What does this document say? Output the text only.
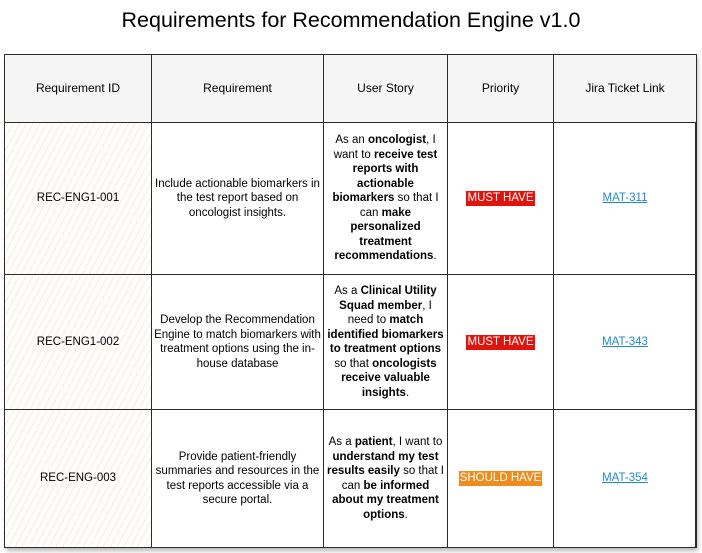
Requirements for Recommendation Engine v1.0
Requirement ID	Requirement	User Story	Priority	Jira Ticket Link
REC-ENG1-001	Include actionable biomarkers in the test report based on oncologist insights.	As an oncologist, I want to receive test reports with actionable biomarkers so that I can make personalized treatment recommendations.	MUST HAVE	MAT-311
REC-ENG1-002	Develop the Recommendation Engine to match biomarkers with treatment options using the in-house database	As a Clinical Utility Squad member, I need to match identified biomarkers to treatment options so that oncologists receive valuable insights.	MUST HAVE	MAT-343
REC-ENG-003	Provide patient-friendly summaries and resources in the test reports accessible via a secure portal.	As a patient, I want to understand my test results easily so that I can be informed about my treatment options.	SHOULD HAVE	MAT-354
